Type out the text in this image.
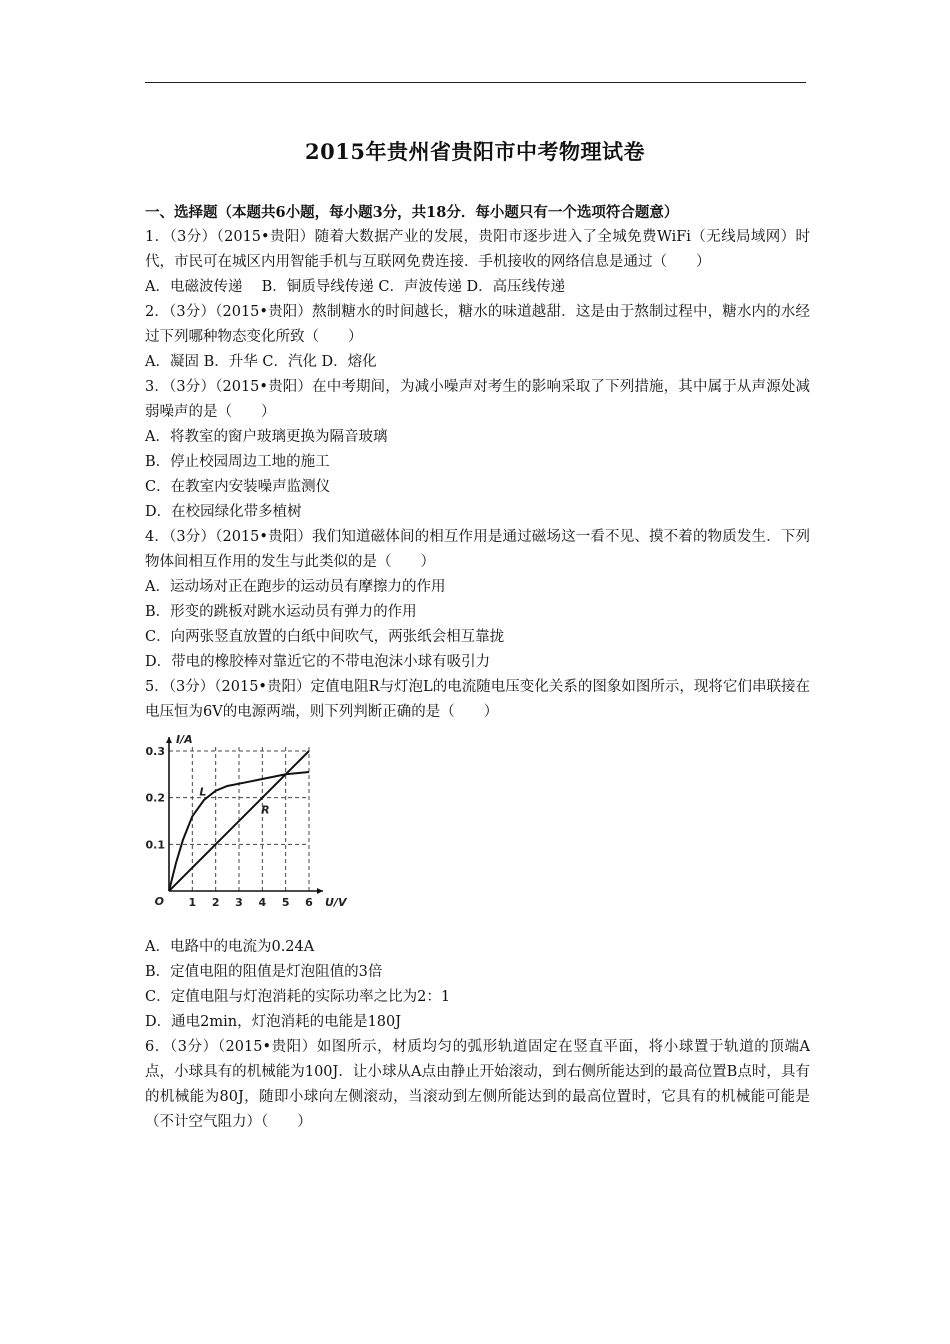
2015年贵州省贵阳市中考物理试卷

一、选择题（本题共6小题，每小题3分，共18分．每小题只有一个选项符合题意）

1．（3分）（2015•贵阳）随着大数据产业的发展，贵阳市逐步进入了全城免费WiFi（无线局域网）时代，市民可在城区内用智能手机与互联网免费连接．手机接收的网络信息是通过（　　）

A．电磁波传递　 B．铜质导线传递 C．声波传递 D．高压线传递

2．（3分）（2015•贵阳）熬制糖水的时间越长，糖水的味道越甜．这是由于熬制过程中，糖水内的水经过下列哪种物态变化所致（　　）

A．凝固 B．升华 C．汽化 D．熔化

3．（3分）（2015•贵阳）在中考期间，为减小噪声对考生的影响采取了下列措施，其中属于从声源处减弱噪声的是（　　）

A．将教室的窗户玻璃更换为隔音玻璃

B．停止校园周边工地的施工

C．在教室内安装噪声监测仪

D．在校园绿化带多植树

4．（3分）（2015•贵阳）我们知道磁体间的相互作用是通过磁场这一看不见、摸不着的物质发生．下列物体间相互作用的发生与此类似的是（　　）

A．运动场对正在跑步的运动员有摩擦力的作用

B．形变的跳板对跳水运动员有弹力的作用

C．向两张竖直放置的白纸中间吹气，两张纸会相互靠拢

D．带电的橡胶棒对靠近它的不带电泡沫小球有吸引力

5．（3分）（2015•贵阳）定值电阻R与灯泡L的电流随电压变化关系的图象如图所示，现将它们串联接在电压恒为6V的电源两端，则下列判断正确的是（　　）

1 2 3 4 5 6
0.1
0.2
0.3
O
I/A
U/V
L
R

A．电路中的电流为0.24A

B．定值电阻的阻值是灯泡阻值的3倍

C．定值电阻与灯泡消耗的实际功率之比为2：1

D．通电2min，灯泡消耗的电能是180J

6．（3分）（2015•贵阳）如图所示，材质均匀的弧形轨道固定在竖直平面，将小球置于轨道的顶端A点，小球具有的机械能为100J．让小球从A点由静止开始滚动，到右侧所能达到的最高位置B点时，具有的机械能为80J，随即小球向左侧滚动，当滚动到左侧所能达到的最高位置时，它具有的机械能可能是（不计空气阻力）（　　）
